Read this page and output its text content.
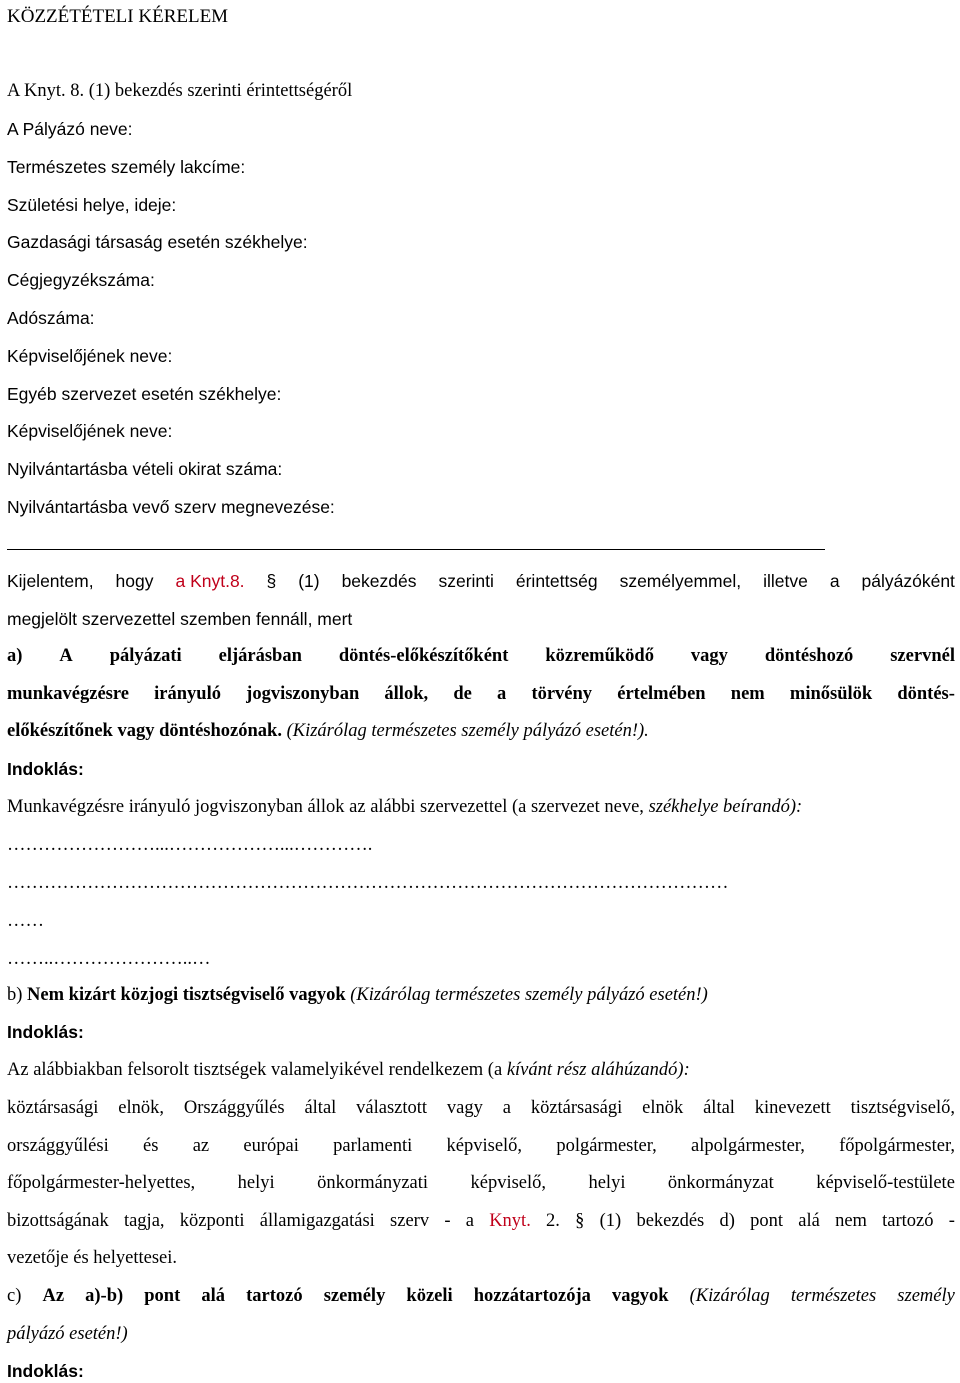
KÖZZÉTÉTELI KÉRELEM
A Knyt. 8. (1) bekezdés szerinti érintettségéről
A Pályázó neve:
Természetes személy lakcíme:
Születési helye, ideje:
Gazdasági társaság esetén székhelye:
Cégjegyzékszáma:
Adószáma:
Képviselőjének neve:
Egyéb szervezet esetén székhelye:
Képviselőjének neve:
Nyilvántartásba vételi okirat száma:
Nyilvántartásba vevő szerv megnevezése:
Kijelentem, hogy a Knyt.8. § (1) bekezdés szerinti érintettség személyemmel, illetve a pályázóként
megjelölt szervezettel szemben fennáll, mert
a) A pályázati eljárásban döntés-előkészítőként közreműködő vagy döntéshozó szervnél
munkavégzésre irányuló jogviszonyban állok, de a törvény értelmében nem minősülök döntés-
előkészítőnek vagy döntéshozónak. (Kizárólag természetes személy pályázó esetén!).
Indoklás:
Munkavégzésre irányuló jogviszonyban állok az alábbi szervezettel (a szervezet neve, székhelye beírandó):
……………………...………………...………….
………………………………………………………………………………………………………
……
……..…………………..…
b) Nem kizárt közjogi tisztségviselő vagyok (Kizárólag természetes személy pályázó esetén!)
Indoklás:
Az alábbiakban felsorolt tisztségek valamelyikével rendelkezem (a kívánt rész aláhúzandó):
köztársasági elnök, Országgyűlés által választott vagy a köztársasági elnök által kinevezett tisztségviselő,
országgyűlési és az európai parlamenti képviselő, polgármester, alpolgármester, főpolgármester,
főpolgármester-helyettes, helyi önkormányzati képviselő, helyi önkormányzat képviselő-testülete
bizottságának tagja, központi államigazgatási szerv - a Knyt. 2. § (1) bekezdés d) pont alá nem tartozó -
vezetője és helyettesei.
c) Az a)-b) pont alá tartozó személy közeli hozzátartozója vagyok (Kizárólag természetes személy
pályázó esetén!)
Indoklás:
